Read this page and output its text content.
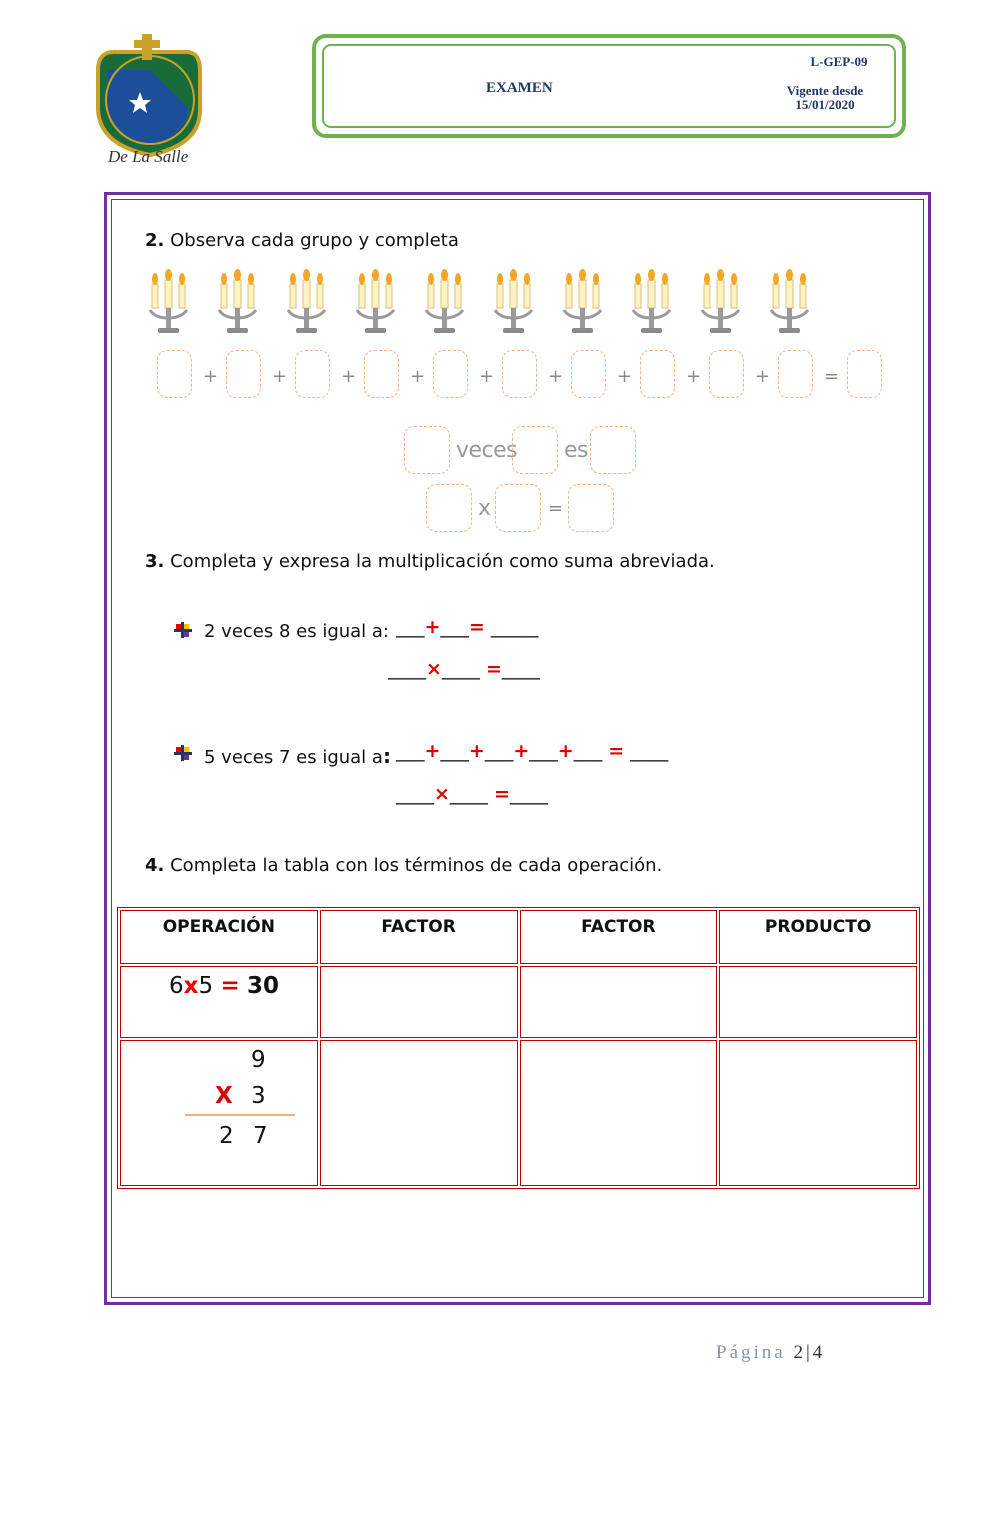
De La Salle
EXAMEN
L-GEP-09
Vigente desde
15/01/2020
2. Observa cada grupo y completa
+	+	+	+	+	+	+	+	+	=
veces es
x	=
3. Completa y expresa la multiplicación como suma abreviada.
2 veces 8 es igual a: ___+___= _____
____×____ =____
5 veces 7 es igual a: ___+___+___+___+___ = ____
____×____ =____
4. Completa la tabla con los términos de cada operación.
OPERACIÓN	FACTOR	FACTOR	PRODUCTO

6x5 = 30			

9
X 3
2 7			

Página 2|4
